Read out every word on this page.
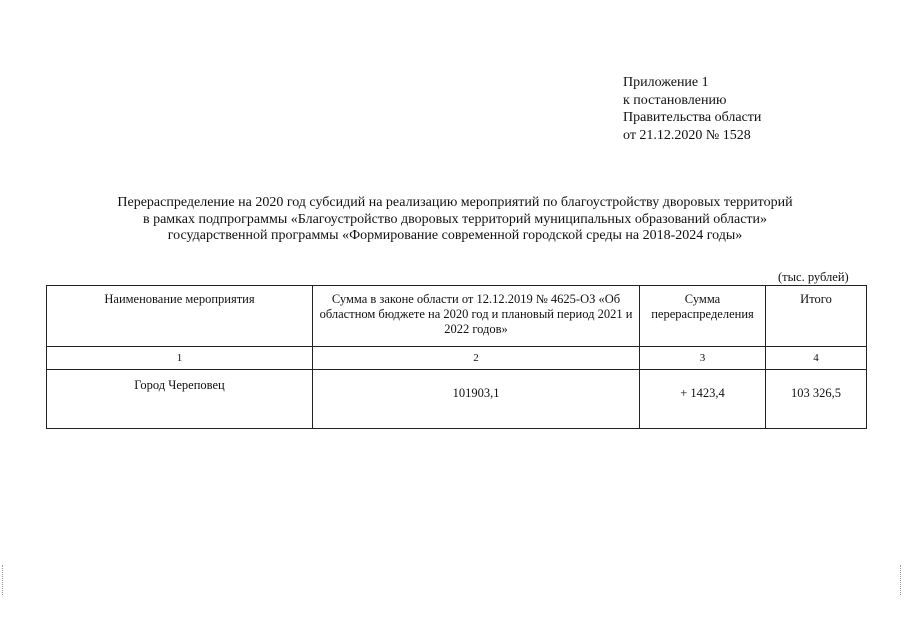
Приложение 1
к постановлению
Правительства области
от 21.12.2020 № 1528
Перераспределение на 2020 год субсидий на реализацию мероприятий по благоустройству дворовых территорий
в рамках подпрограммы «Благоустройство дворовых территорий муниципальных образований области»
государственной программы «Формирование современной городской среды на 2018-2024 годы»
(тыс. рублей)
Наименование мероприятия	Сумма в законе области от 12.12.2019 № 4625-ОЗ «Об областном бюджете на 2020 год и плановый период 2021 и 2022 годов»	Сумма перераспределения	Итого
1	2	3	4
Город Череповец	101903,1	+ 1423,4	103 326,5
